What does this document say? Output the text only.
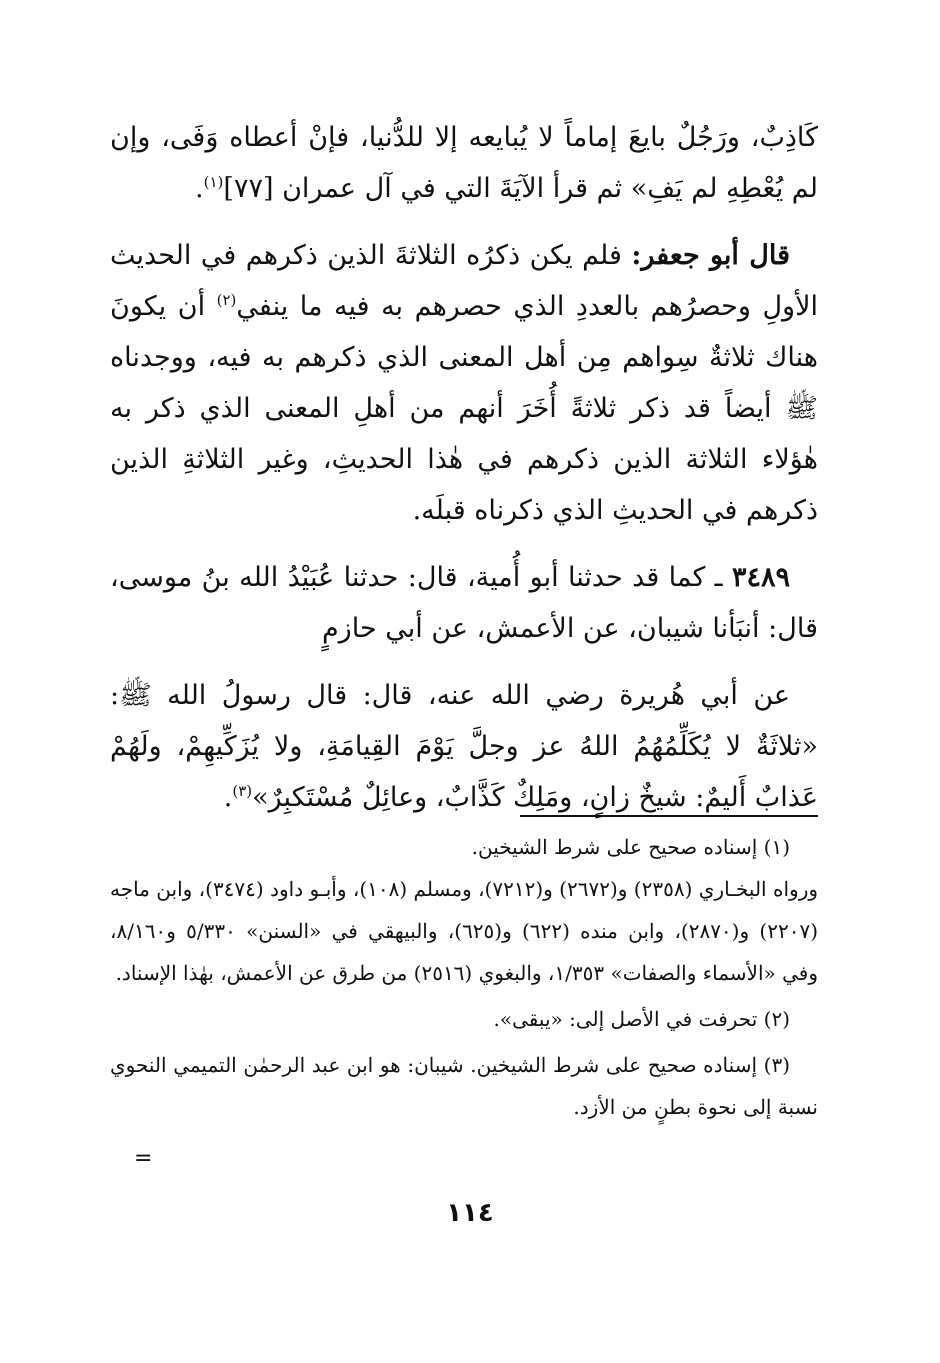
كَاذِبٌ، ورَجُلٌ بايعَ إماماً لا يُبايعه إلا للدُّنيا، فإنْ أعطاه وَفَى، وإن لم يُعْطِهِ لم يَفِ» ثم قرأ الآيَةَ التي في آل عمران [٧٧]$^{(١)}$.

قال أبو جعفر: فلم يكن ذكرُه الثلاثةَ الذين ذكرهم في الحديث الأولِ وحصرُهم بالعددِ الذي حصرهم به فيه ما ينفي$^{(٢)}$ أن يكونَ هناك ثلاثةٌ سِواهم مِن أهل المعنى الذي ذكرهم به فيه، ووجدناه ﷺ أيضاً قد ذكر ثلاثةً أُخَرَ أنهم من أهلِ المعنى الذي ذكر به هٰؤلاء الثلاثة الذين ذكرهم في هٰذا الحديثِ، وغير الثلاثةِ الذين ذكرهم في الحديثِ الذي ذكرناه قبلَه.

٣٤٨٩ ـ كما قد حدثنا أبو أُمية، قال: حدثنا عُبَيْدُ الله بنُ موسى، قال: أنبَأنا شيبان، عن الأعمش، عن أبي حازمٍ

عن أبي هُريرة رضي الله عنه، قال: قال رسولُ الله ﷺ: «ثلاثَةٌ لا يُكَلِّمُهُمُ اللهُ عز وجلَّ يَوْمَ القِيامَةِ، ولا يُزَكِّيهِمْ، ولَهُمْ عَذابٌ أَليمٌ: شيخٌ زانٍ، ومَلِكٌ كَذَّابٌ، وعائِلٌ مُسْتَكبِرٌ»$^{(٣)}$.

(١) إسناده صحيح على شرط الشيخين.

ورواه البخـاري (٢٣٥٨) و(٢٦٧٢) و(٧٢١٢)، ومسلم (١٠٨)، وأبـو داود (٣٤٧٤)، وابن ماجه (٢٢٠٧) و(٢٨٧٠)، وابن منده (٦٢٢) و(٦٢٥)، والبيهقي في «السنن» ٥/٣٣٠ و٨/١٦٠، وفي «الأسماء والصفات» ١/٣٥٣، والبغوي (٢٥١٦) من طرق عن الأعمش، بهٰذا الإسناد.

(٢) تحرفت في الأصل إلى: «يبقى».

(٣) إسناده صحيح على شرط الشيخين. شيبان: هو ابن عبد الرحمٰن التميمي النحوي نسبة إلى نحوة بطنٍ من الأزد.

=
١١٤
